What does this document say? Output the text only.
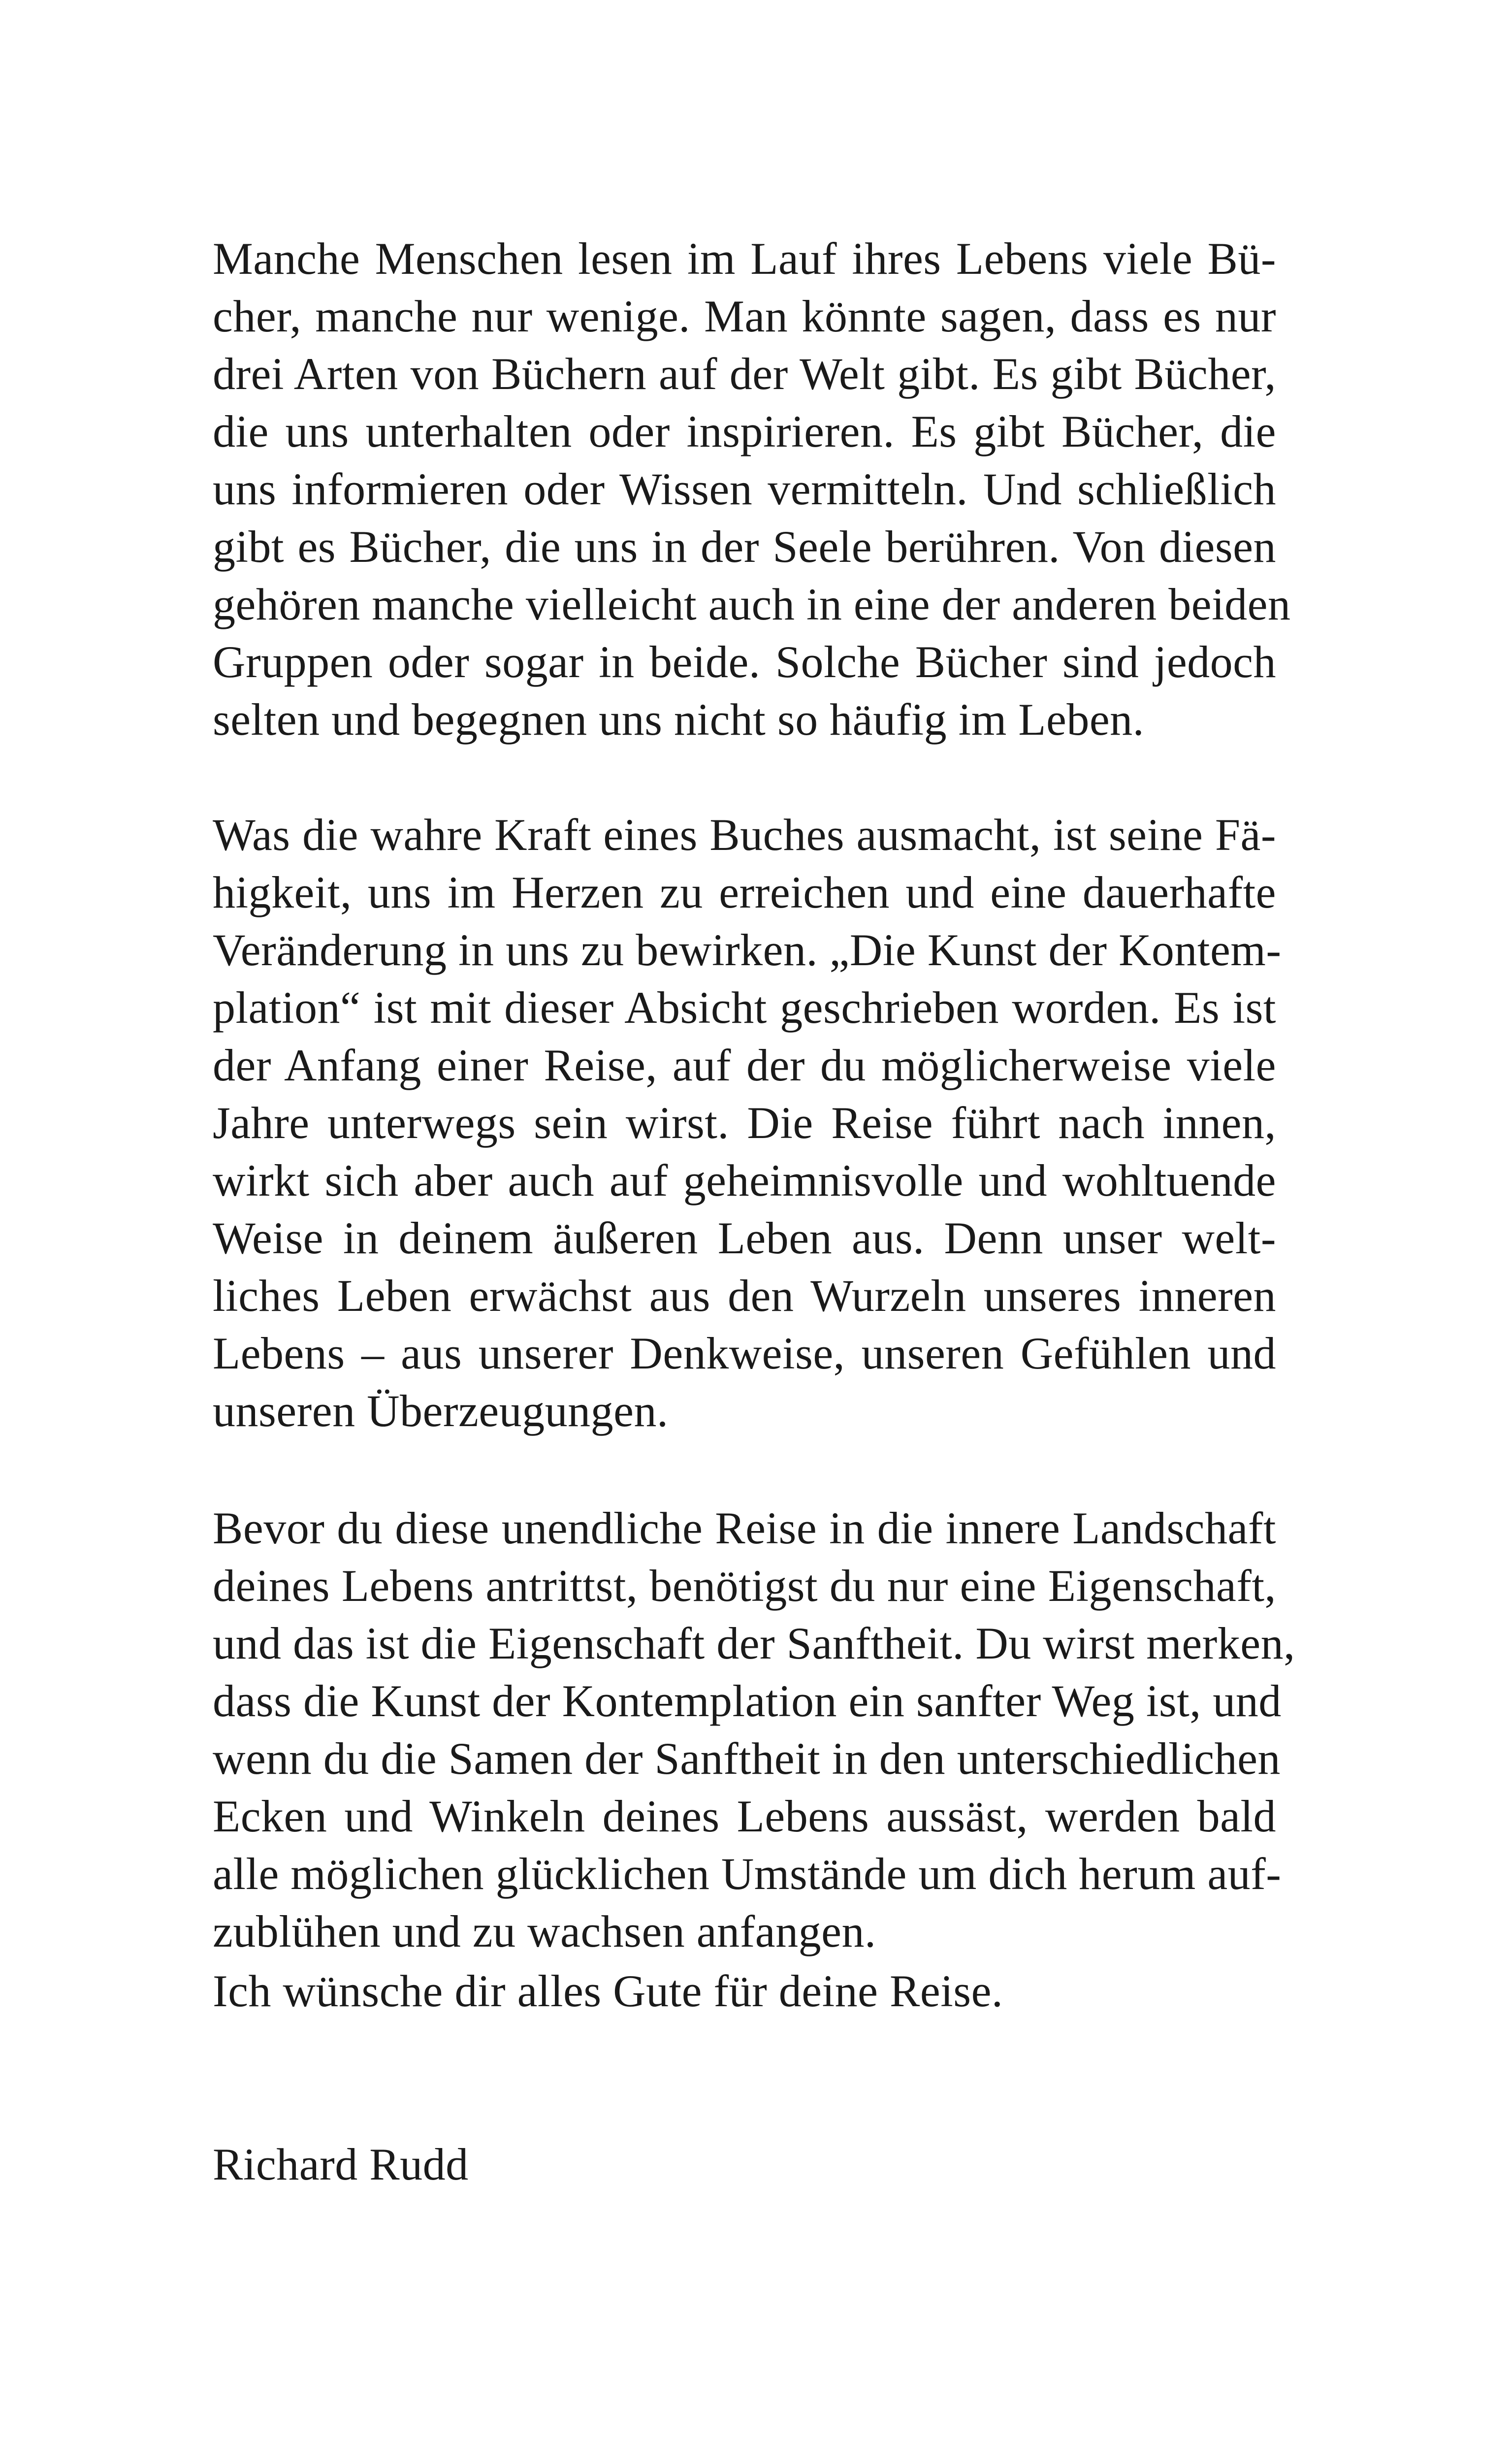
Manche Menschen lesen im Lauf ihres Lebens viele Bü-
cher, manche nur wenige. Man könnte sagen, dass es nur
drei Arten von Büchern auf der Welt gibt. Es gibt Bücher,
die uns unterhalten oder inspirieren. Es gibt Bücher, die
uns informieren oder Wissen vermitteln. Und schließlich
gibt es Bücher, die uns in der Seele berühren. Von diesen
gehören manche vielleicht auch in eine der anderen beiden
Gruppen oder sogar in beide. Solche Bücher sind jedoch
selten und begegnen uns nicht so häufig im Leben.
Was die wahre Kraft eines Buches ausmacht, ist seine Fä-
higkeit, uns im Herzen zu erreichen und eine dauerhafte
Veränderung in uns zu bewirken. „Die Kunst der Kontem-
plation“ ist mit dieser Absicht geschrieben worden. Es ist
der Anfang einer Reise, auf der du möglicherweise viele
Jahre unterwegs sein wirst. Die Reise führt nach innen,
wirkt sich aber auch auf geheimnisvolle und wohltuende
Weise in deinem äußeren Leben aus. Denn unser welt-
liches Leben erwächst aus den Wurzeln unseres inneren
Lebens – aus unserer Denkweise, unseren Gefühlen und
unseren Überzeugungen.
Bevor du diese unendliche Reise in die innere Landschaft
deines Lebens antrittst, benötigst du nur eine Eigenschaft,
und das ist die Eigenschaft der Sanftheit. Du wirst merken,
dass die Kunst der Kontemplation ein sanfter Weg ist, und
wenn du die Samen der Sanftheit in den unterschiedlichen
Ecken und Winkeln deines Lebens aussäst, werden bald
alle möglichen glücklichen Umstände um dich herum auf-
zublühen und zu wachsen anfangen.
Ich wünsche dir alles Gute für deine Reise.
Richard Rudd
